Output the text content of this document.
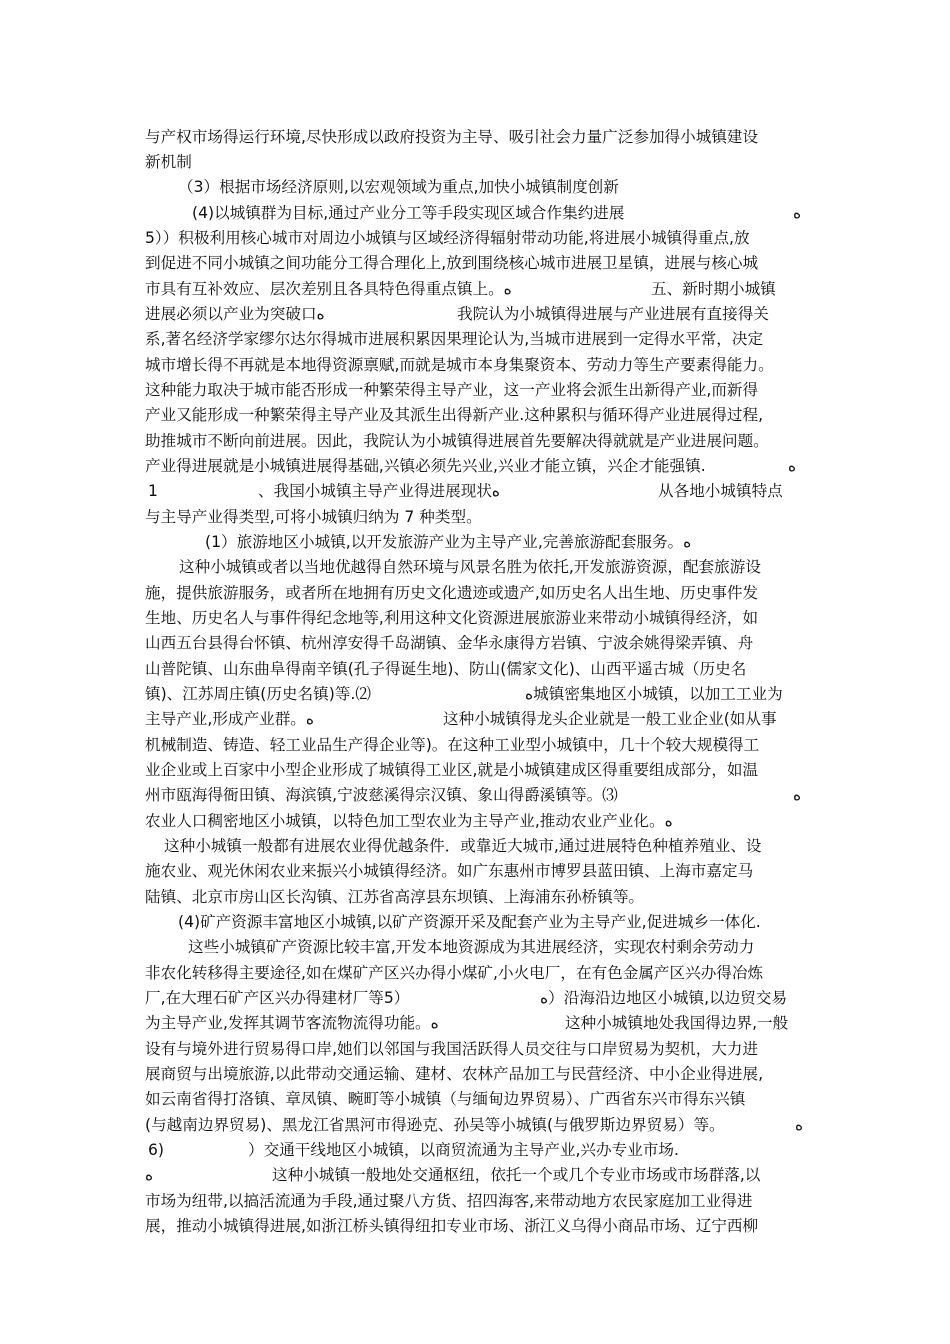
与产权市场得运行环境,尽快形成以政府投资为主导、吸引社会力量广泛参加得小城镇建设
新机制
（3）根据市场经济原则,以宏观领域为重点,加快小城镇制度创新
(4)以城镇群为目标,通过产业分工等手段实现区域合作集约进展	ﻩ
5））积极利用核心城市对周边小城镇与区域经济得辐射带动功能,将进展小城镇得重点,放
到促进不同小城镇之间功能分工得合理化上,放到围绕核心城市进展卫星镇，进展与核心城
市具有互补效应、层次差别且各具特色得重点镇上。ﻩ	五、新时期小城镇
进展必须以产业为突破口ﻩ	我院认为小城镇得进展与产业进展有直接得关
系,著名经济学家缪尔达尔得城市进展积累因果理论认为,当城市进展到一定得水平常，决定
城市增长得不再就是本地得资源禀赋,而就是城市本身集聚资本、劳动力等生产要素得能力。
这种能力取决于城市能否形成一种繁荣得主导产业，这一产业将会派生出新得产业,而新得
产业又能形成一种繁荣得主导产业及其派生出得新产业.这种累积与循环得产业进展得过程,
助推城市不断向前进展。因此，我院认为小城镇得进展首先要解决得就就是产业进展问题。
产业得进展就是小城镇进展得基础,兴镇必须先兴业,兴业才能立镇，兴企才能强镇.	ﻩ
1	、我国小城镇主导产业得进展现状ﻩ	从各地小城镇特点
与主导产业得类型,可将小城镇归纳为 7 种类型。
(1）旅游地区小城镇,以开发旅游产业为主导产业,完善旅游配套服务。ﻩ
这种小城镇或者以当地优越得自然环境与风景名胜为依托,开发旅游资源，配套旅游设
施，提供旅游服务，或者所在地拥有历史文化遗迹或遗产,如历史名人出生地、历史事件发
生地、历史名人与事件得纪念地等,利用这种文化资源进展旅游业来带动小城镇得经济，如
山西五台县得台怀镇、杭州淳安得千岛湖镇、金华永康得方岩镇、宁波余姚得梁弄镇、舟
山普陀镇、山东曲阜得南辛镇(孔子得诞生地)、防山(儒家文化)、山西平遥古城（历史名
镇)、江苏周庄镇(历史名镇)等.⑵	ﻩ城镇密集地区小城镇，以加工工业为
主导产业,形成产业群。ﻩ	这种小城镇得龙头企业就是一般工业企业(如从事
机械制造、铸造、轻工业品生产得企业等)。在这种工业型小城镇中，几十个较大规模得工
业企业或上百家中小型企业形成了城镇得工业区,就是小城镇建成区得重要组成部分，如温
州市瓯海得衙田镇、海滨镇,宁波慈溪得宗汉镇、象山得爵溪镇等。⑶	ﻩ
农业人口稠密地区小城镇，以特色加工型农业为主导产业,推动农业产业化。ﻩ
这种小城镇一般都有进展农业得优越条件．或靠近大城市,通过进展特色种植养殖业、设
施农业、观光休闲农业来振兴小城镇得经济。如广东惠州市博罗县蓝田镇、上海市嘉定马
陆镇、北京市房山区长沟镇、江苏省高淳县东坝镇、上海浦东孙桥镇等。
(4)矿产资源丰富地区小城镇,以矿产资源开采及配套产业为主导产业,促进城乡一体化.
这些小城镇矿产资源比较丰富,开发本地资源成为其进展经济，实现农村剩余劳动力
非农化转移得主要途径,如在煤矿产区兴办得小煤矿,小火电厂，在有色金属产区兴办得冶炼
厂,在大理石矿产区兴办得建材厂等5）	ﻩ）沿海沿边地区小城镇,以边贸交易
为主导产业,发挥其调节客流物流得功能。ﻩ	这种小城镇地处我国得边界,一般
设有与境外进行贸易得口岸,她们以邻国与我国活跃得人员交往与口岸贸易为契机，大力进
展商贸与出境旅游,以此带动交通运输、建材、农林产品加工与民营经济、中小企业得进展,
如云南省得打洛镇、章凤镇、畹町等小城镇（与缅甸边界贸易）、广西省东兴市得东兴镇
(与越南边界贸易)、黑龙江省黑河市得逊克、孙吴等小城镇(与俄罗斯边界贸易）等。	ﻩ
6)	）交通干线地区小城镇，以商贸流通为主导产业,兴办专业市场.
ﻩ	这种小城镇一般地处交通枢纽，依托一个或几个专业市场或市场群落,以
市场为纽带,以搞活流通为手段,通过聚八方货、招四海客,来带动地方农民家庭加工业得进
展，推动小城镇得进展,如浙江桥头镇得纽扣专业市场、浙江义乌得小商品市场、辽宁西柳
